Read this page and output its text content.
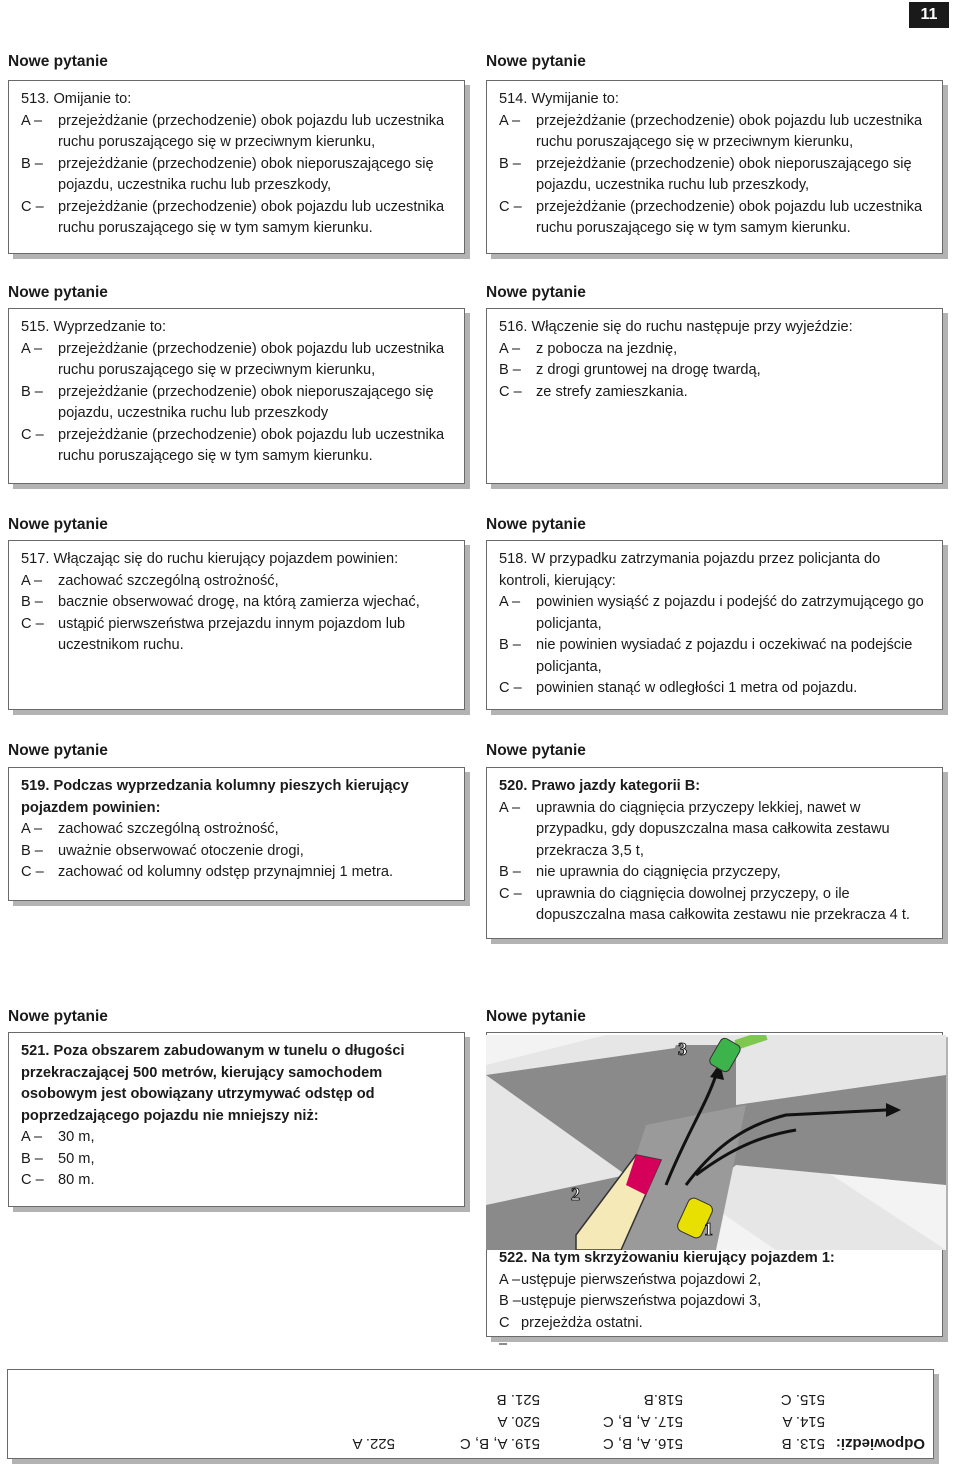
11
Nowe pytanie	Nowe pytanie
Nowe pytanie	Nowe pytanie
Nowe pytanie	Nowe pytanie
Nowe pytanie	Nowe pytanie
Nowe pytanie	Nowe pytanie

513. Omijanie to:

A –	przejeżdżanie (przechodzenie) obok pojazdu lub uczestnika ruchu poruszającego się w przeciwnym kierunku,
B –	przejeżdżanie (przechodzenie) obok nieporuszającego się pojazdu, uczestnika ruchu lub przeszkody,
C – przejeżdżanie (przechodzenie) obok pojazdu lub uczestnika ruchu poruszającego się w tym samym kierunku.

514. Wymijanie to:

A –	przejeżdżanie (przechodzenie) obok pojazdu lub uczestnika ruchu poruszającego się w przeciwnym kierunku,
B –	przejeżdżanie (przechodzenie) obok nieporuszającego się pojazdu, uczestnika ruchu lub przeszkody,
C – przejeżdżanie (przechodzenie) obok pojazdu lub uczestnika ruchu poruszającego się w tym samym kierunku.

515. Wyprzedzanie to:

A –	przejeżdżanie (przechodzenie) obok pojazdu lub uczestnika ruchu poruszającego się w przeciwnym kierunku,
B –	przejeżdżanie (przechodzenie) obok nieporuszającego się pojazdu, uczestnika ruchu lub przeszkody
C – przejeżdżanie (przechodzenie) obok pojazdu lub uczestnika ruchu poruszającego się w tym samym kierunku.

516. Włączenie się do ruchu następuje przy wyjeździe:

A –	z pobocza na jezdnię,
B –	z drogi gruntowej na drogę twardą,
C – ze strefy zamieszkania.

517. Włączając się do ruchu kierujący pojazdem powinien:

A –	zachować szczególną ostrożność,
B –	bacznie obserwować drogę, na którą zamierza wjechać,
C – ustąpić pierwszeństwa przejazdu innym pojazdom lub uczestnikom ruchu.

518. W przypadku zatrzymania pojazdu przez policjanta do kontroli, kierujący:

A –	powinien wysiąść z pojazdu i podejść do zatrzymującego go policjanta,
B –	nie powinien wysiadać z pojazdu i oczekiwać na podejście policjanta,
C – powinien stanąć w odległości 1 metra od pojazdu.

519. Podczas wyprzedzania kolumny pieszych kierujący pojazdem powinien:

A –	zachować szczególną ostrożność,
B –	uważnie obserwować otoczenie drogi,
C – zachować od kolumny odstęp przynajmniej 1 metra.

520. Prawo jazdy kategorii B:

A –	uprawnia do ciągnięcia przyczepy lekkiej, nawet w przypadku, gdy dopuszczalna masa całkowita zestawu przekracza 3,5 t,
B –	nie uprawnia do ciągnięcia przyczepy,
C – uprawnia do ciągnięcia dowolnej przyczepy, o ile dopuszczalna masa całkowita zestawu nie przekracza 4 t.

521. Poza obszarem zabudowanym w tunelu o długości przekraczającej 500 metrów, kierujący samochodem osobowym jest obowiązany utrzymywać odstęp od poprzedzającego pojazdu nie mniejszy niż:

A –	30 m,
B –	50 m,
C – 80 m.

522. Na tym skrzyżowaniu kierujący pojazdem 1:

A – ustępuje pierwszeństwa pojazdowi 2,
B – ustępuje pierwszeństwa pojazdowi 3,
C –
przejeżdża ostatni.
3
2
1
Odpowiedzi:
513. B
514. A
515. C
516. A, B, C
517. A, B, C
518.B
519. A, B, C
520. A
521. B
522. A
